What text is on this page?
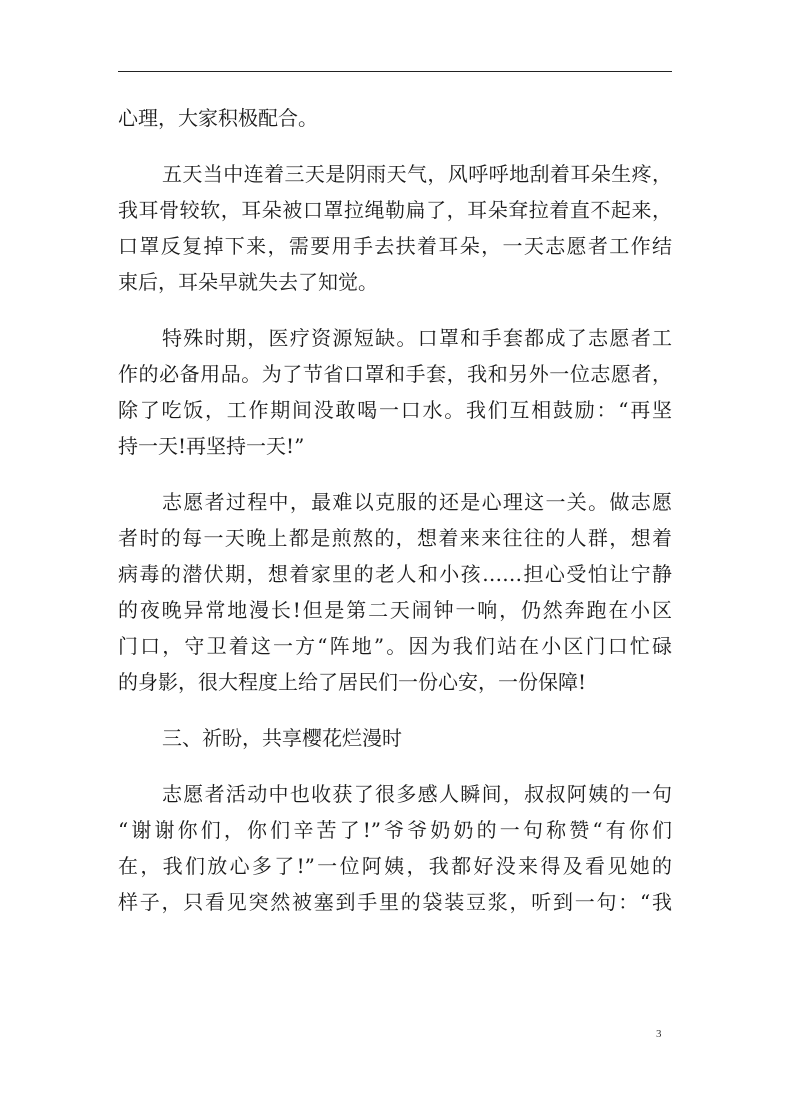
心理，大家积极配合。
五天当中连着三天是阴雨天气，风呼呼地刮着耳朵生疼，
我耳骨较软，耳朵被口罩拉绳勒扁了，耳朵耷拉着直不起来，
口罩反复掉下来，需要用手去扶着耳朵，一天志愿者工作结
束后，耳朵早就失去了知觉。
特殊时期，医疗资源短缺。口罩和手套都成了志愿者工
作的必备用品。为了节省口罩和手套，我和另外一位志愿者，
除了吃饭，工作期间没敢喝一口水。我们互相鼓励：“再坚
持一天!再坚持一天!”
志愿者过程中，最难以克服的还是心理这一关。做志愿
者时的每一天晚上都是煎熬的，想着来来往往的人群，想着
病毒的潜伏期，想着家里的老人和小孩……担心受怕让宁静
的夜晚异常地漫长!但是第二天闹钟一响，仍然奔跑在小区
门口，守卫着这一方“阵地”。因为我们站在小区门口忙碌
的身影，很大程度上给了居民们一份心安，一份保障!
三、祈盼，共享樱花烂漫时
志愿者活动中也收获了很多感人瞬间，叔叔阿姨的一句
“谢谢你们，你们辛苦了!”爷爷奶奶的一句称赞“有你们
在，我们放心多了!”一位阿姨，我都好没来得及看见她的
样子，只看见突然被塞到手里的袋装豆浆，听到一句：“我
3
